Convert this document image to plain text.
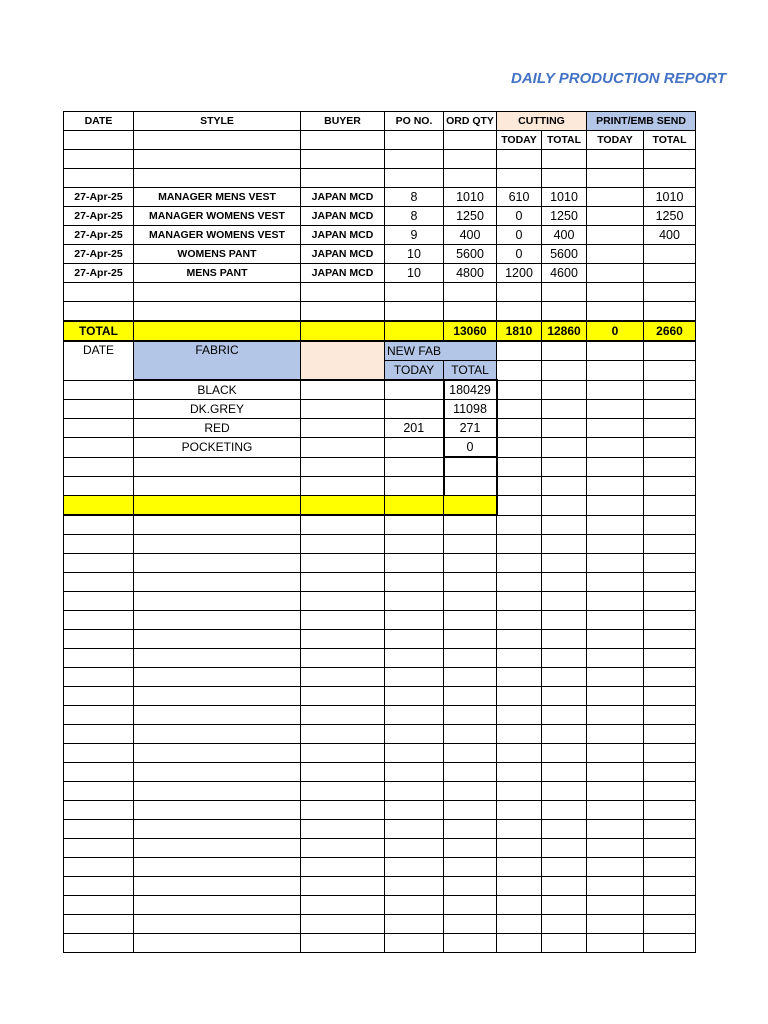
DAILY PRODUCTION REPORT
DATE	STYLE	BUYER	PO NO.	ORD QTY	CUTTING		PRINT/EMB SEND	
					TODAY	TOTAL	TODAY	TOTAL

27-Apr-25	MANAGER MENS VEST	JAPAN MCD	8	1010	610	1010		1010
27-Apr-25	MANAGER WOMENS VEST	JAPAN MCD	8	1250	0	1250		1250
27-Apr-25	MANAGER WOMENS VEST	JAPAN MCD	9	400	0	400		400
27-Apr-25	WOMENS PANT	JAPAN MCD	10	5600	0	5600		
27-Apr-25	MENS PANT	JAPAN MCD	10	4800	1200	4600		

TOTAL				13060	1810	12860	0	2660
DATE	FABRIC		NEW FAB					
			TODAY	TOTAL				
	BLACK			180429				
	DK.GREY			11098				
	RED		201	271				
	POCKETING			0				
